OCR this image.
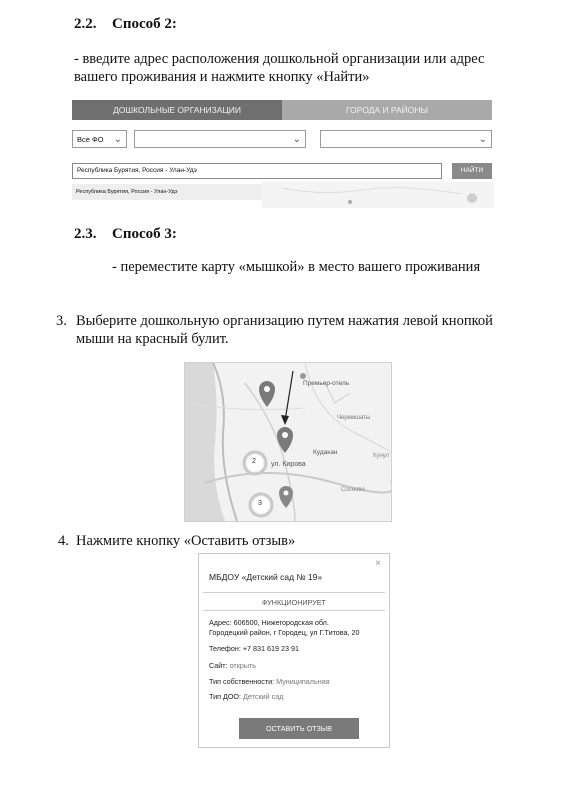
2.2. Способ 2:
- введите адрес расположения дошкольной организации или адрес
вашего проживания и нажмите кнопку «Найти»
ДОШКОЛЬНЫЕ ОРГАНИЗАЦИИ	ГОРОДА И РАЙОНЫ
Все ФО ⌄	⌄	⌄
Республика Бурятия, Россия - Улан-Удэ	НАЙТИ
Республика Бурятия, Россия - Улан-Удэ
2.3. Способ 3:
- переместите карту «мышкой» в место вашего проживания
3. Выберите дошкольную организацию путем нажатия левой кнопкой
мыши на красный булит.
Премьер-отель
Черемшаты
Кудакан	Кунул
ул. Кирова
Сосново
2
3
4. Нажмите кнопку «Оставить отзыв»
×
МБДОУ «Детский сад № 19»
ФУНКЦИОНИРУЕТ
Адрес: 606500, Нижегородская обл.
Городецкий район, г Городец, ул Г.Титова, 20
Телефон: +7 831 619 23 91
Сайт: открыть
Тип собственности: Муниципальная
Тип ДОО: Детский сад
ОСТАВИТЬ ОТЗЫВ
